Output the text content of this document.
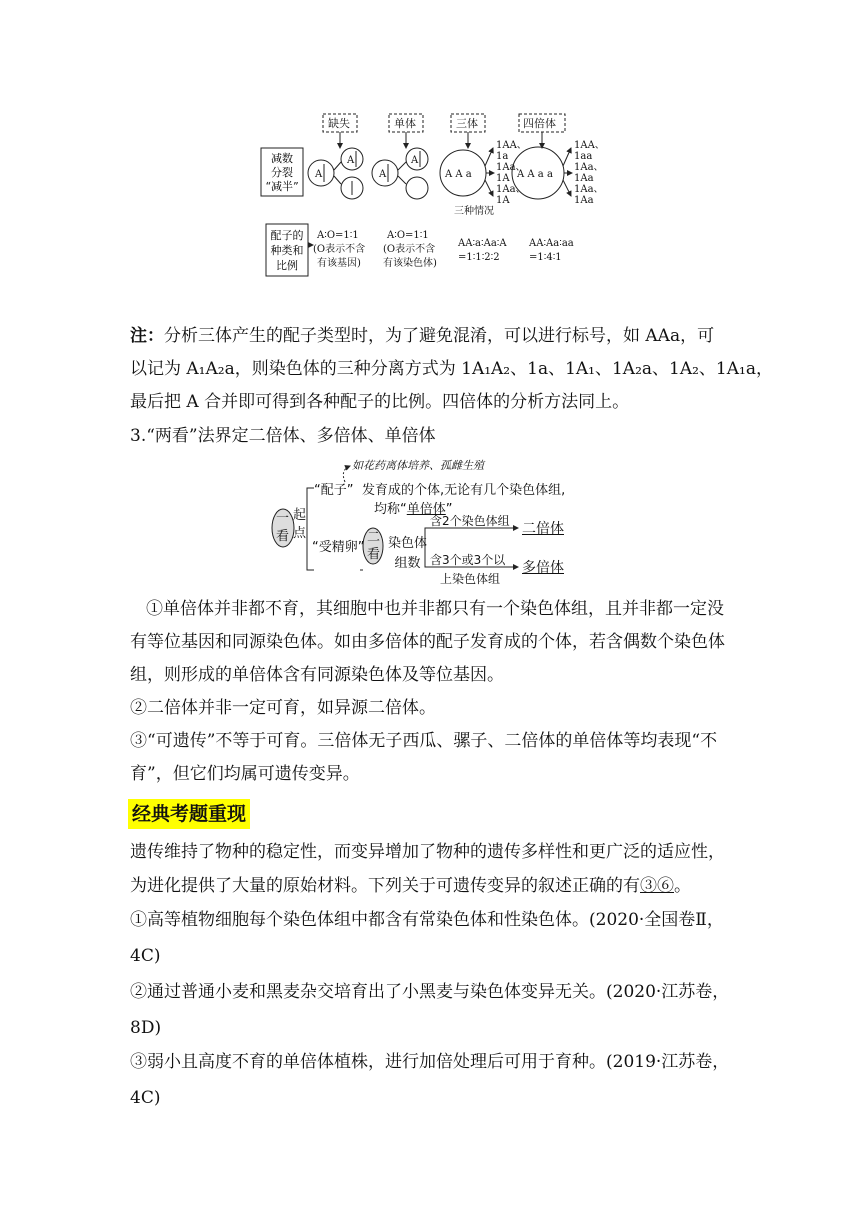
缺失	单体	三体	四倍体
减数
分裂
“减半”
A
A
A
A
A A a	A A a a
三种情况
1AA、
1a
1Aa、
1A
1Aa、
1A
1AA、
1aa
1Aa、
1Aa
1Aa、
1Aa
配子的
种类和
比例
A∶O=1∶1
(O表示不含
有该基因)
A∶O=1∶1
(O表示不含
有该染色体)
AA∶a∶Aa∶A
=1∶1∶2∶2
AA∶Aa∶aa
=1∶4∶1
注：分析三体产生的配子类型时，为了避免混淆，可以进行标号，如 AAa，可
以记为 A₁A₂a，则染色体的三种分离方式为 1A₁A₂、1a、1A₁、1A₂a、1A₂、1A₁a，
最后把 A 合并即可得到各种配子的比例。四倍体的分析方法同上。
3.“两看”法界定二倍体、多倍体、单倍体
一
看
起
点
如花药离体培养、孤雌生殖
“配子” 发育成的个体,无论有几个染色体组,
均称“单倍体”
“受精卵”
二
看
染色体
组数
含2个染色体组 二倍体
含3个或3个以
上染色体组
多倍体
①单倍体并非都不育，其细胞中也并非都只有一个染色体组，且并非都一定没
有等位基因和同源染色体。如由多倍体的配子发育成的个体，若含偶数个染色体
组，则形成的单倍体含有同源染色体及等位基因。
②二倍体并非一定可育，如异源二倍体。
③“可遗传”不等于可育。三倍体无子西瓜、骡子、二倍体的单倍体等均表现“不
育”，但它们均属可遗传变异。
经典考题重现
遗传维持了物种的稳定性，而变异增加了物种的遗传多样性和更广泛的适应性，
为进化提供了大量的原始材料。下列关于可遗传变异的叙述正确的有③⑥。
①高等植物细胞每个染色体组中都含有常染色体和性染色体。(2020·全国卷Ⅱ，
4C)
②通过普通小麦和黑麦杂交培育出了小黑麦与染色体变异无关。(2020·江苏卷，
8D)
③弱小且高度不育的单倍体植株，进行加倍处理后可用于育种。(2019·江苏卷，
4C)
